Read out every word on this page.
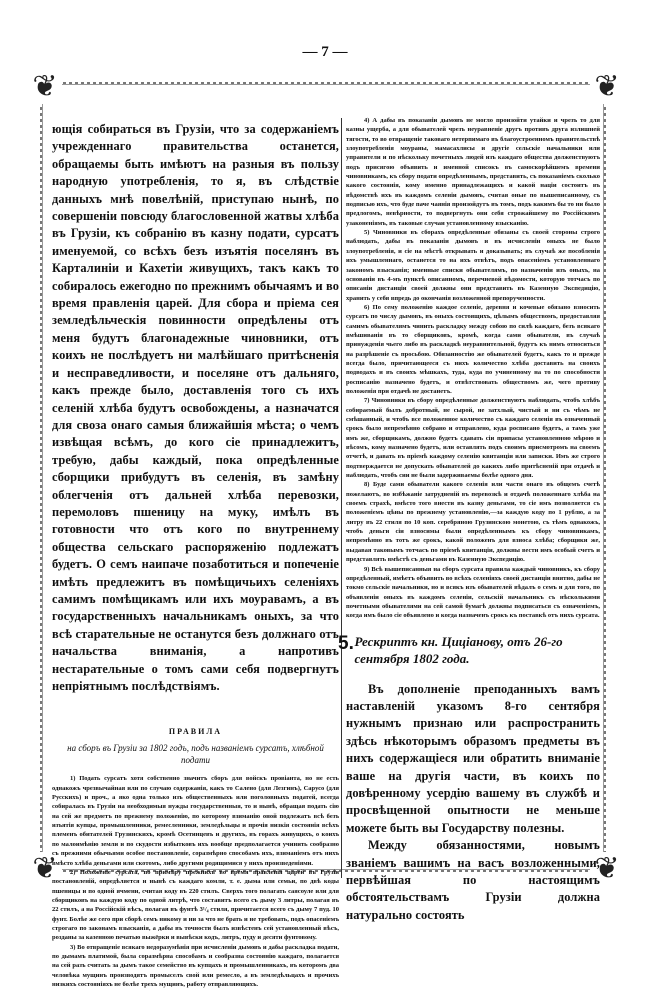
— 7 —
❦	❦
❦	❦

ющія собираться въ Грузіи, что за содержаніемъ учрежденнаго правительства останется, обращаемы быть имѣютъ на разныя въ пользу народную употребленія, то я, въ слѣдствіе данныхъ мнѣ повелѣній, приступаю нынѣ, по совершеніи повсюду благословенной жатвы хлѣба въ Грузіи, къ собранію въ казну подати, сурсатъ именуемой, со всѣхъ безъ изъятія поселянъ въ Карталиніи и Кахетіи живущихъ, такъ какъ то собиралось ежегодно по прежнимъ обычаямъ и во время правленія царей. Для сбора и пріема сея земледѣльческія повинности опредѣлены отъ меня будутъ благонадежные чиновники, отъ коихъ не послѣдуетъ ни малѣйшаго притѣсненія и несправедливости, и поселяне отъ дальняго, какъ прежде было, доставленія того съ ихъ селеній хлѣба будутъ освобождены, а назначатся для своза онаго самыя ближайшія мѣста; о чемъ извѣщая всѣмъ, до кого сіе принадлежитъ, требую, дабы каждый, пока опредѣленные сборщики прибудутъ въ селенія, въ замѣну облегченія отъ дальней хлѣба перевозки, перемоловъ пшеницу на муку, имѣлъ въ готовности что отъ кого по внутреннему общества сельскаго распоряженію подлежатъ будетъ. О семъ наипаче позаботиться и попеченіе имѣть предлежитъ въ помѣщичьихъ селеніяхъ самимъ помѣщикамъ или ихъ моуравамъ, а въ государственныхъ начальникамъ оныхъ, за что всѣ старательные не останутся безъ должнаго отъ начальства вниманія, а напротивъ нестарательные о томъ сами себя подвергнутъ непріятнымъ послѣдствіямъ.

ПРАВИЛА
на сборъ въ Грузіи за 1802 годъ, подъ названіемъ сурсатъ, хлѣбной подати

1) Подать сурсатъ хотя собственно значитъ сборъ для войскъ провіанта, но не есть однакожъ чрезвычайная или по случаю содержанія, какъ то Салено (для Лезгинъ), Сарусо (для Русскихъ) и проч., а яко одна только изъ общественныхъ или поголовныхъ податей, всегда собиралась въ Грузіи на необходимыя нужды государственныя, то и нынѣ, обращая подать сію на сей же предметъ по прежнему положенію, по которому взиманію оной подлежатъ всѣ безъ изъятія купцы, промышленники, ремесленники, земледѣльцы и прочія низкія состоянія всѣхъ племенъ обитателей Грузинскихъ, кромѣ Осетинцевъ и другихъ, въ горахъ живущихъ, о коихъ по малоимѣнію земли и по скудости избытковъ ихъ вообще предполагается учинить сообразно съ прежними обычьями особое постановленіе, соразмѣрно способамъ ихъ, взиманіемъ отъ нихъ вмѣсто хлѣба деньгами или скотомъ, либо другими родящимися у нихъ произведеніями.

2) Положеніе сурсата, по примѣру прежнихъ во время правленія царей въ Грузіи постановленій, опредѣляется и нынѣ съ каждаго комли, т. е. дыма или семьи, по двѣ коды пшеницы и по одной ячмени, считая коду въ 220 стилъ. Сверхъ того полагать саясоуле или для сборщиковъ на каждую коду по одной литрѣ, что составитъ всего съ дыму 3 литры, полагая въ 22 стилъ, а на Россійскій вѣсъ, полагая въ фунтѣ 3¹/₄ стиля, причитается всего съ дыму 7 пуд. 10 фунт. Болѣе же сего при сборѣ семъ никому и ни за что не брать и не требовать, подъ опасеніемъ строгаго по законамъ взысканія, а дабы въ точности былъ извѣстенъ сей установленный вѣсъ, розданы за казенною печатью выжёрки и вывѣски кодъ, литръ, пуду и десяти фунтовому.

3) Во отвращеніе всякаго недоразумѣнія при исчисленіи дымовъ и дабы раскладка подати, по дымамъ платимой, была соразмѣрна способамъ и сообразна состоянію каждаго, полагается на сей разъ считать за дымъ такое семейство въ купцахъ и промышленникахъ, въ которомъ два человѣка мущинъ производятъ промыселъ свой или ремесло, а въ земледѣльцахъ и прочихъ низкихъ состояніяхъ не болѣе трехъ мущинъ, работу отправляющихъ.

4) А дабы въ показаніи дымовъ не могло произойти утайки и чрезъ то для казны ущерба, а для обывателей чрезъ неуравненіе другъ противъ друга излишней тягости, то во отвращеніе таковаго нетерпимаго въ благоустроенномъ правительствѣ злоупотребленія моураны, мамасахлисы и другіе сельскіе начальники или управители и по нѣскольку почетныхъ людей изъ каждаго общества долженствуютъ подъ присягою объявить и именной списокъ въ самоскорѣйшемъ времени чиновникамъ, къ сбору подати опредѣленнымъ, представить, съ показаніемъ сколько какого состоянія, кому именно принадлежащихъ и какой націи состоитъ въ вѣдомствѣ ихъ въ каждомъ селеніи дымовъ, считая оные по вышеписанному, съ подписью ихъ, что буде паче чаянія произойдутъ въ томъ, подъ какимъ бы то ни было предлогомъ, невѣрности, то подвергнуть они себя строжайшему по Россійскимъ узаконеніямъ, въ таковые случаи установленному взысканію.

5) Чиновники въ сборахъ опредѣленные обязаны съ своей стороны строго наблюдать, дабы въ показаніи дымовъ и въ исчисленіи оныхъ не было злоупотребленія, и сіе на мѣстѣ открывать и доказывать; въ случаѣ же пособленія ихъ умышленнаго, останется то на ихъ отвѣтъ, подъ опасеніемъ установленнаго закономъ взысканія; именные списки обывателямъ, по назначеніи изъ оныхъ, на основаніи въ 4-мъ пунктѣ описанномъ, перечневой вѣдомости, которую тотчасъ по описаніи дистанціи своей должны они представить въ Казенную Экспедицію, хранить у себя впредь до окончанія возложенной препорученности.

6) По сему положенію каждое селеніе, деревня и кочевые обязано взносить сурсатъ по числу дымовъ, въ оныхъ состоящихъ, цѣлымъ обществомъ, предоставляя самимъ обывателямъ чинить раскладку между собою по силѣ каждаго, безъ всякаго вмѣшиванія въ то сборщиковъ, кромѣ, когда сами обыватели, въ случаѣ принужденія чьего либо въ раскладкѣ неуравнительной, будутъ къ нимъ относиться на разрѣшеніе съ просьбою. Обязанностію же обывателей будетъ, какъ то и прежде всегда было, причитающееся съ нихъ количество хлѣба доставить на своихъ подводахъ и въ своихъ мѣшкахъ, туда, куда по учиненному на то по способности росписанію назначено будетъ, и отвѣтствовать обществомъ же, чего противу положенія при отдачѣ не достанетъ.

7) Чиновники въ сбору опредѣленные долженствуютъ наблюдать, чтобъ хлѣбъ собираемый былъ добротный, не сырой, не затхлый, чистый и ни съ чѣмъ не смѣшанный, и чтобъ все положенное количество съ каждаго селенія въ означенный срокъ было непремѣнно собрано и отправлено, куда росписано будетъ, а тамъ уже имъ же, сборщикамъ, должно будетъ сдавать сіи припасы установленною мѣрою и вѣсомъ, кому назначено будетъ, или оставлять подъ своимъ присмотромъ на своемъ отчетѣ, и давать въ пріемѣ каждому селенію квитанціи или записки. Имъ же строго подтверждается не допускать обывателей до какихъ либо притѣсненій при отдачѣ и наблюдать, чтобъ сии не были задерживаемы болѣе одного дня.

8) Буде сами обыватели какого селенія или части онаго въ общемъ счетѣ пожелаютъ, во избѣжаніе затрудненій въ перевозкѣ и отдачѣ положеннаго хлѣба на своемъ страхѣ, вмѣсто того внести въ казну деньгами, то сіе имъ позволяется съ положеніемъ цѣны по прежнему установленію,—за каждую коду по 1 рублю, а за литру въ 22 стиля по 10 коп. серебряною Грузинскою монетою, съ тѣмъ однакожъ, чтобъ деньги сіи взносимы были опредѣленнымъ къ сбору чиновникамъ, непремѣнно въ тотъ же срокъ, какой положенъ для взноса хлѣба; сборщики же, выдавая таковымъ тотчасъ по пріемѣ квитанціи, должны вести имъ особый счетъ и представлять вмѣстѣ съ деньгами въ Казенную Экспедицію.

9) Всѣ вышеписанныя на сборъ сурсата правила каждый чиновникъ, къ сбору опредѣленный, имѣетъ объявить во всѣхъ селеніяхъ своей дистанціи внятно, дабы не токмо сельскіе начальники, но и всякъ изъ обывателей вѣдалъ о семъ и для того, по объявленіи оныхъ въ каждомъ селеніи, сельскій начальникъ съ нѣсколькими почетными обывателями на сей самой бумагѣ должны подписаться съ означеніемъ, когда имъ было сіе объявлено и когда назначенъ срокъ къ поставкѣ отъ нихъ сурсата.

5. Рескриптъ кн. Цицiанову, отъ 26-го сентября 1802 года.

Въ дополненіе преподанныхъ вамъ наставленій указомъ 8-го сентября нужнымъ признаю или распространить здѣсь нѣкоторымъ образомъ предметы въ нихъ содержащіеся или обратить вниманіе ваше на другія части, въ коихъ по довѣренному усердію вашему въ службѣ и просвѣщенной опытности не меньше можете быть вы Государству полезны.

Между обязанностями, новымъ званіемъ вашимъ на васъ возложенными, первѣйшая по настоящимъ обстоятельствамъ Грузіи должна натурально состоять
